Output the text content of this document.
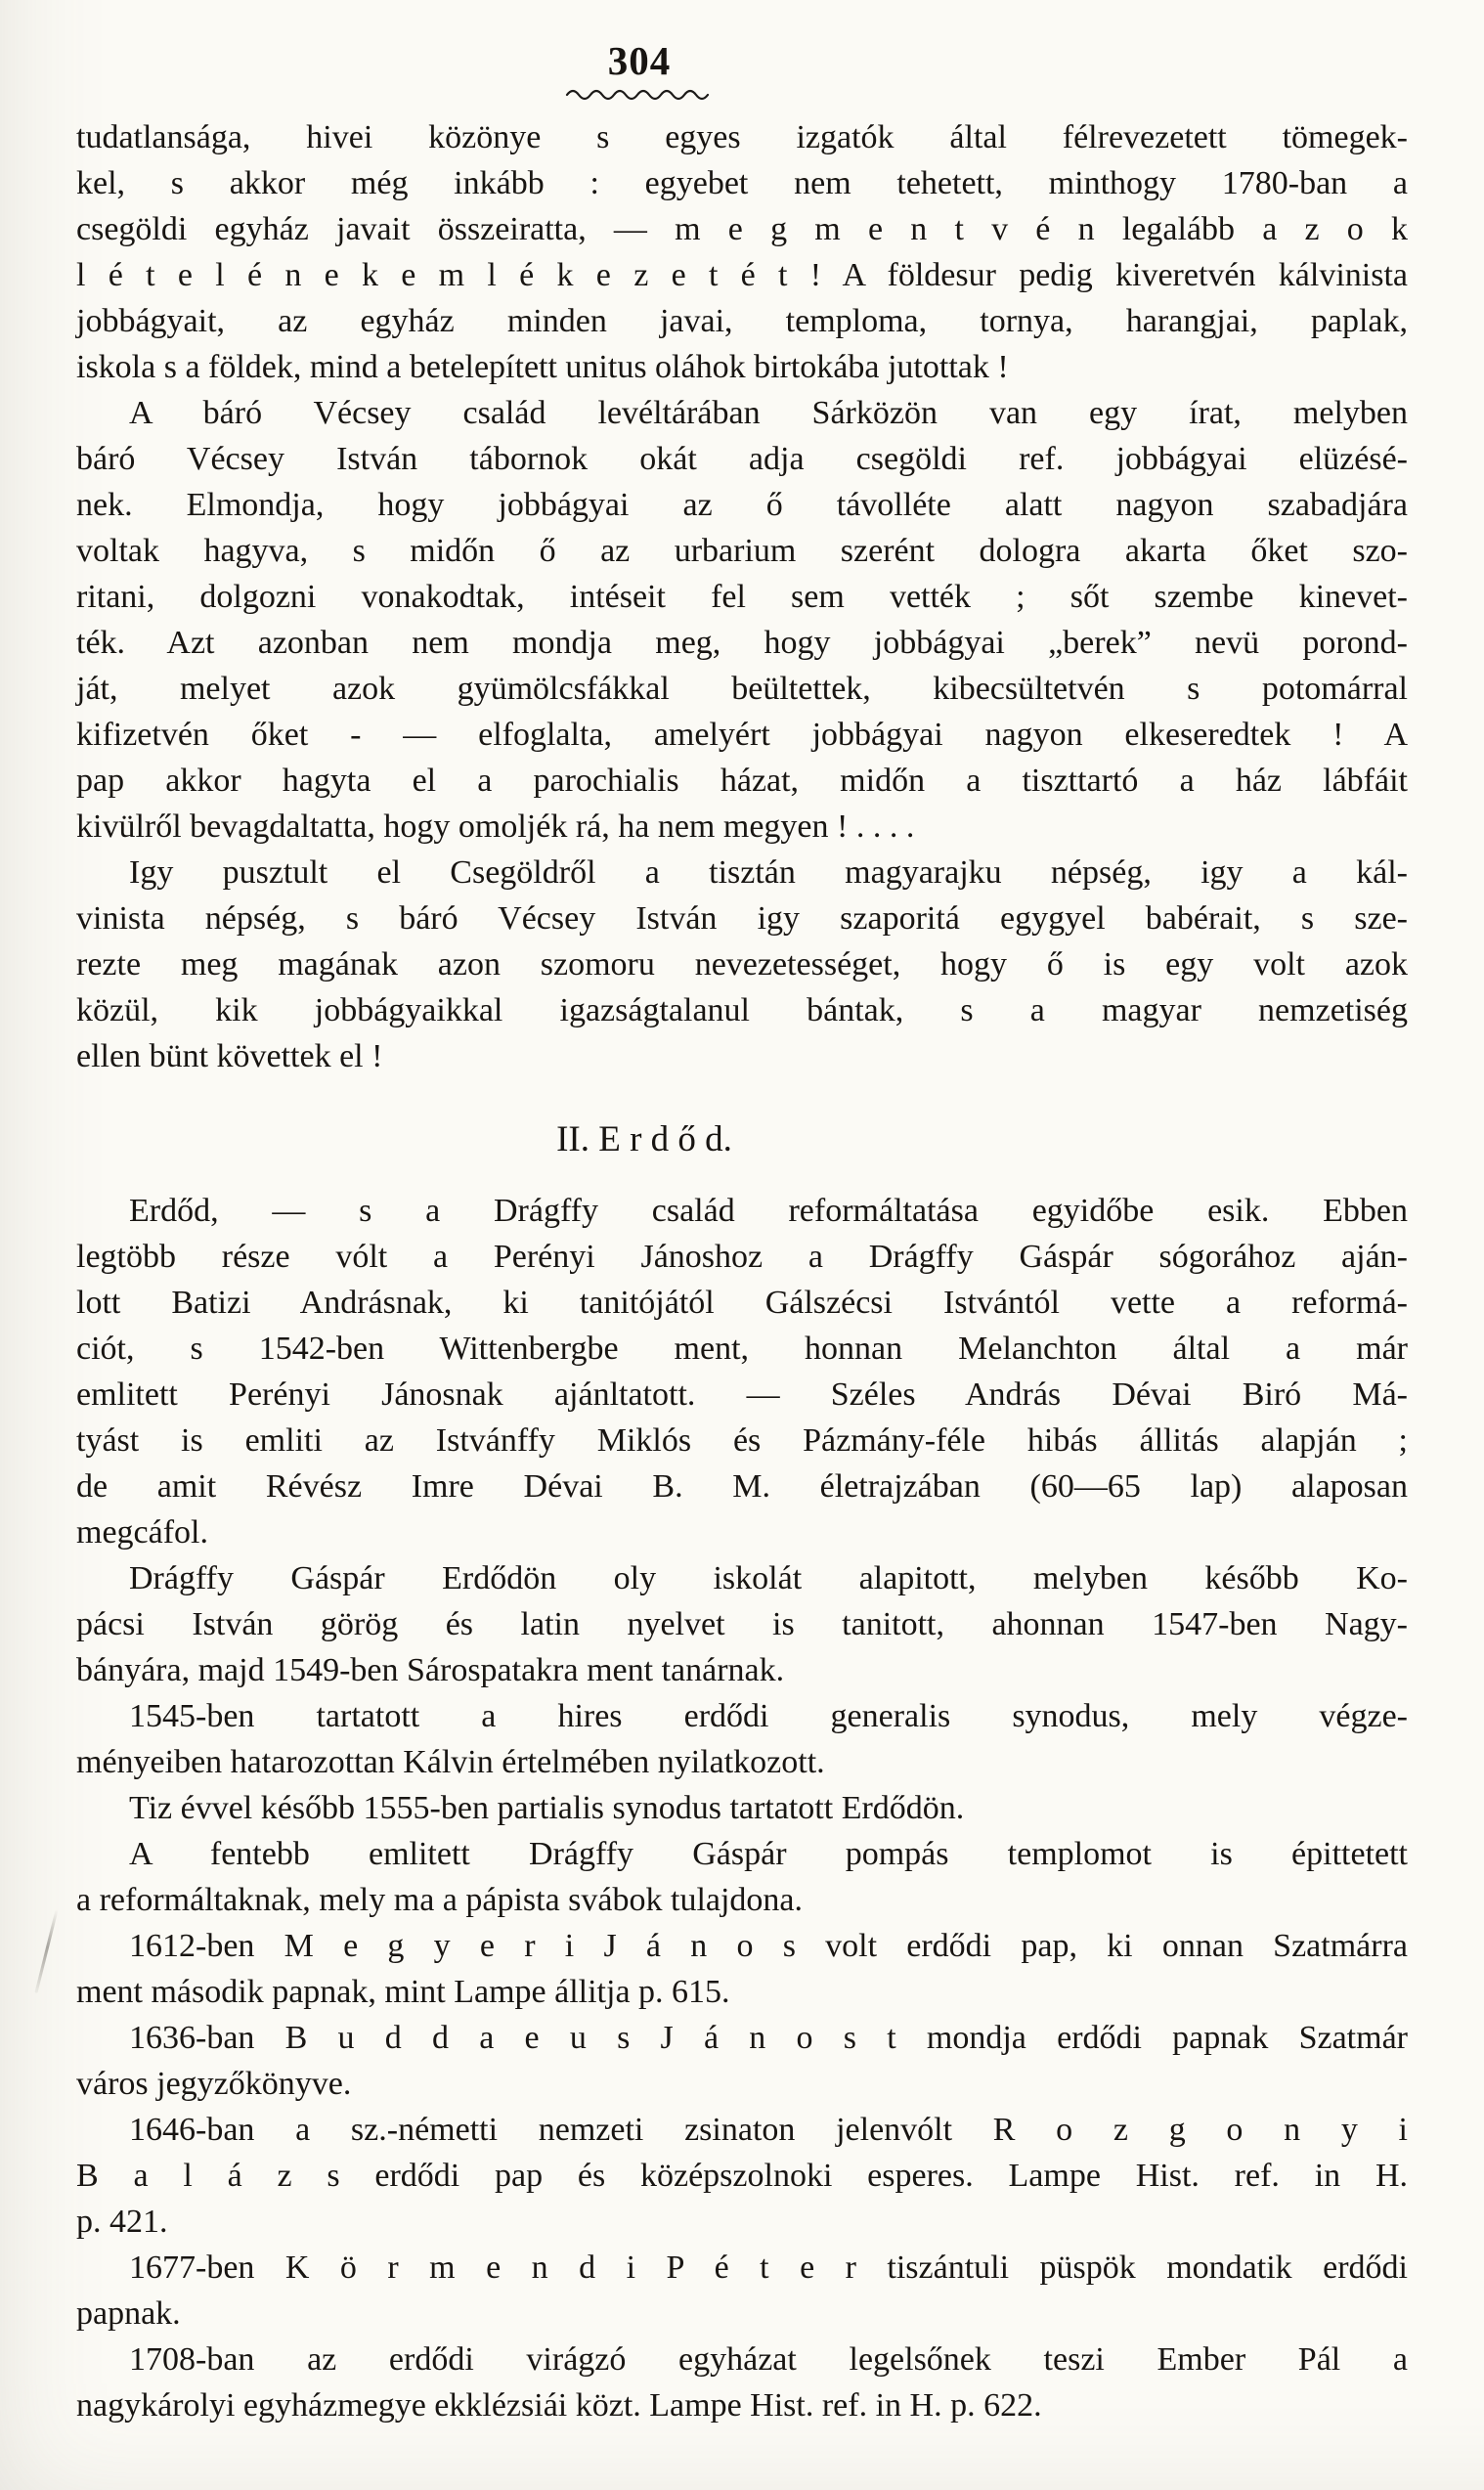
304
tudatlansága, hivei közönye s egyes izgatók által félrevezetett tömegek-
kel, s akkor még inkább : egyebet nem tehetett, minthogy 1780-ban a
csegöldi egyház javait összeiratta, — m e g m e n t v é n legalább a z o k
l é t e l é n e k e m l é k e z e t é t ! A földesur pedig kiveretvén kálvinista
jobbágyait, az egyház minden javai, temploma, tornya, harangjai, paplak,
iskola s a földek, mind a betelepített unitus oláhok birtokába jutottak !
A báró Vécsey család levéltárában Sárközön van egy írat, melyben
báró Vécsey István tábornok okát adja csegöldi ref. jobbágyai elüzésé-
nek. Elmondja, hogy jobbágyai az ő távolléte alatt nagyon szabadjára
voltak hagyva, s midőn ő az urbarium szerént dologra akarta őket szo-
ritani, dolgozni vonakodtak, intéseit fel sem vették ; sőt szembe kinevet-
ték. Azt azonban nem mondja meg, hogy jobbágyai „berek” nevü porond-
ját, melyet azok gyümölcsfákkal beültettek, kibecsültetvén s potomárral
kifizetvén őket - — elfoglalta, amelyért jobbágyai nagyon elkeseredtek ! A
pap akkor hagyta el a parochialis házat, midőn a tiszttartó a ház lábfáit
kivülről bevagdaltatta, hogy omoljék rá, ha nem megyen ! . . . .
Igy pusztult el Csegöldről a tisztán magyarajku népség, igy a kál-
vinista népség, s báró Vécsey István igy szaporitá egygyel babérait, s sze-
rezte meg magának azon szomoru nevezetességet, hogy ő is egy volt azok
közül, kik jobbágyaikkal igazságtalanul bántak, s a magyar nemzetiség
ellen bünt követtek el !
II. E r d ő d.
Erdőd, — s a Drágffy család reformáltatása egyidőbe esik. Ebben
legtöbb része vólt a Perényi Jánoshoz a Drágffy Gáspár sógorához aján-
lott Batizi Andrásnak, ki tanitójától Gálszécsi Istvántól vette a reformá-
ciót, s 1542-ben Wittenbergbe ment, honnan Melanchton által a már
emlitett Perényi Jánosnak ajánltatott. — Széles András Dévai Biró Má-
tyást is emliti az Istvánffy Miklós és Pázmány-féle hibás állitás alapján ;
de amit Révész Imre Dévai B. M. életrajzában (60—65 lap) alaposan
megcáfol.
Drágffy Gáspár Erdődön oly iskolát alapitott, melyben később Ko-
pácsi István görög és latin nyelvet is tanitott, ahonnan 1547-ben Nagy-
bányára, majd 1549-ben Sárospatakra ment tanárnak.
1545-ben tartatott a hires erdődi generalis synodus, mely végze-
ményeiben hatarozottan Kálvin értelmében nyilatkozott.
Tiz évvel később 1555-ben partialis synodus tartatott Erdődön.
A fentebb emlitett Drágffy Gáspár pompás templomot is épittetett
a reformáltaknak, mely ma a pápista svábok tulajdona.
1612-ben M e g y e r i J á n o s volt erdődi pap, ki onnan Szatmárra
ment második papnak, mint Lampe állitja p. 615.
1636-ban B u d d a e u s J á n o s t mondja erdődi papnak Szatmár
város jegyzőkönyve.
1646-ban a sz.-németti nemzeti zsinaton jelenvólt R o z g o n y i
B a l á z s erdődi pap és középszolnoki esperes. Lampe Hist. ref. in H.
p. 421.
1677-ben K ö r m e n d i P é t e r tiszántuli püspök mondatik erdődi
papnak.
1708-ban az erdődi virágzó egyházat legelsőnek teszi Ember Pál a
nagykárolyi egyházmegye ekklézsiái közt. Lampe Hist. ref. in H. p. 622.
